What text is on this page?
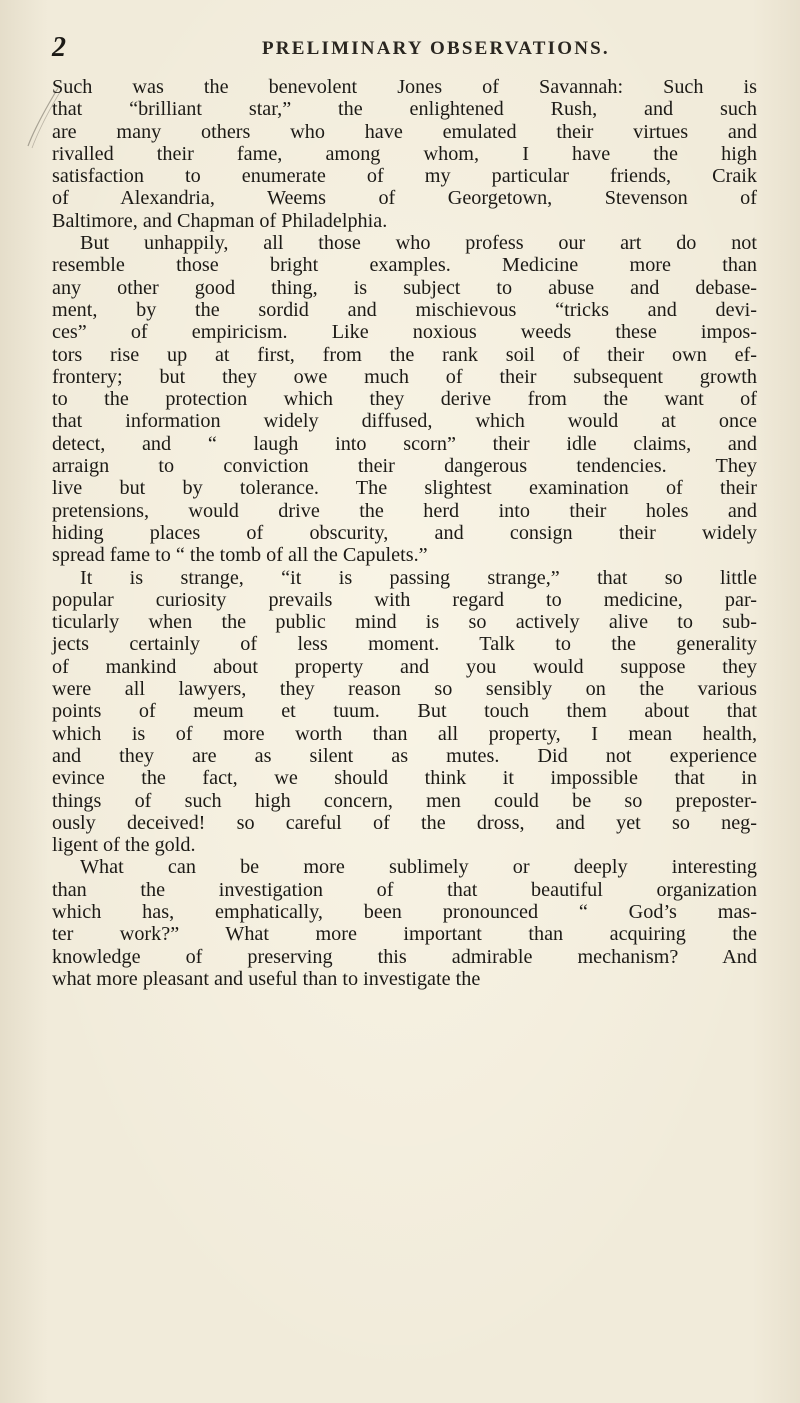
2	PRELIMINARY OBSERVATIONS.
Such was the benevolent Jones of Savannah: Such is
that “brilliant star,” the enlightened Rush, and such
are many others who have emulated their virtues and
rivalled their fame, among whom, I have the high
satisfaction to enumerate of my particular friends, Craik
of Alexandria, Weems of Georgetown, Stevenson of
Baltimore, and Chapman of Philadelphia.
But unhappily, all those who profess our art do not
resemble those bright examples. Medicine more than
any other good thing, is subject to abuse and debase-
ment, by the sordid and mischievous “tricks and devi-
ces” of empiricism. Like noxious weeds these impos-
tors rise up at first, from the rank soil of their own ef-
frontery; but they owe much of their subsequent growth
to the protection which they derive from the want of
that information widely diffused, which would at once
detect, and “ laugh into scorn” their idle claims, and
arraign to conviction their dangerous tendencies. They
live but by tolerance. The slightest examination of their
pretensions, would drive the herd into their holes and
hiding places of obscurity, and consign their widely
spread fame to “ the tomb of all the Capulets.”
It is strange, “it is passing strange,” that so little
popular curiosity prevails with regard to medicine, par-
ticularly when the public mind is so actively alive to sub-
jects certainly of less moment. Talk to the generality
of mankind about property and you would suppose they
were all lawyers, they reason so sensibly on the various
points of meum et tuum. But touch them about that
which is of more worth than all property, I mean health,
and they are as silent as mutes. Did not experience
evince the fact, we should think it impossible that in
things of such high concern, men could be so preposter-
ously deceived! so careful of the dross, and yet so neg-
ligent of the gold.
What can be more sublimely or deeply interesting
than the investigation of that beautiful organization
which has, emphatically, been pronounced “ God’s mas-
ter work?” What more important than acquiring the
knowledge of preserving this admirable mechanism? And
what more pleasant and useful than to investigate the
